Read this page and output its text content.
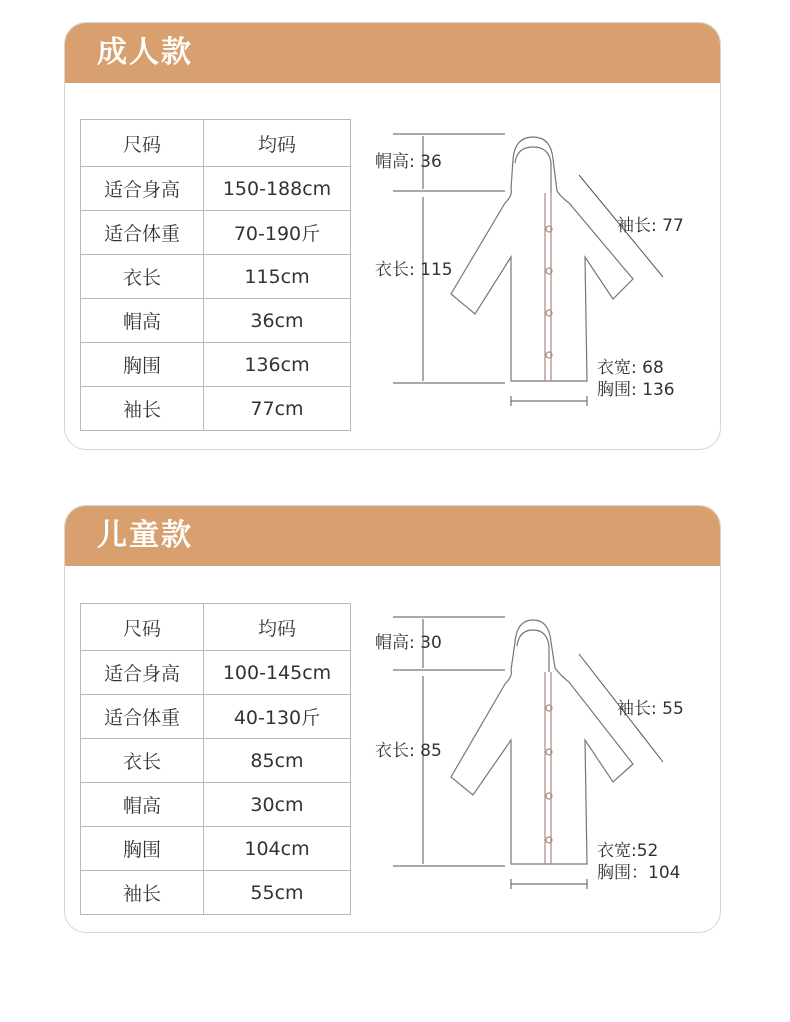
成人款
尺码	均码
适合身高	150-188cm
适合体重	70-190斤
衣长	115cm
帽高	36cm
胸围	136cm
袖长	77cm
帽高: 36
衣长: 115
袖长: 77
衣宽: 68
胸围: 136
儿童款
尺码	均码
适合身高	100-145cm
适合体重	40-130斤
衣长	85cm
帽高	30cm
胸围	104cm
袖长	55cm
帽高: 30
衣长: 85
袖长: 55
衣宽:52
胸围：104
